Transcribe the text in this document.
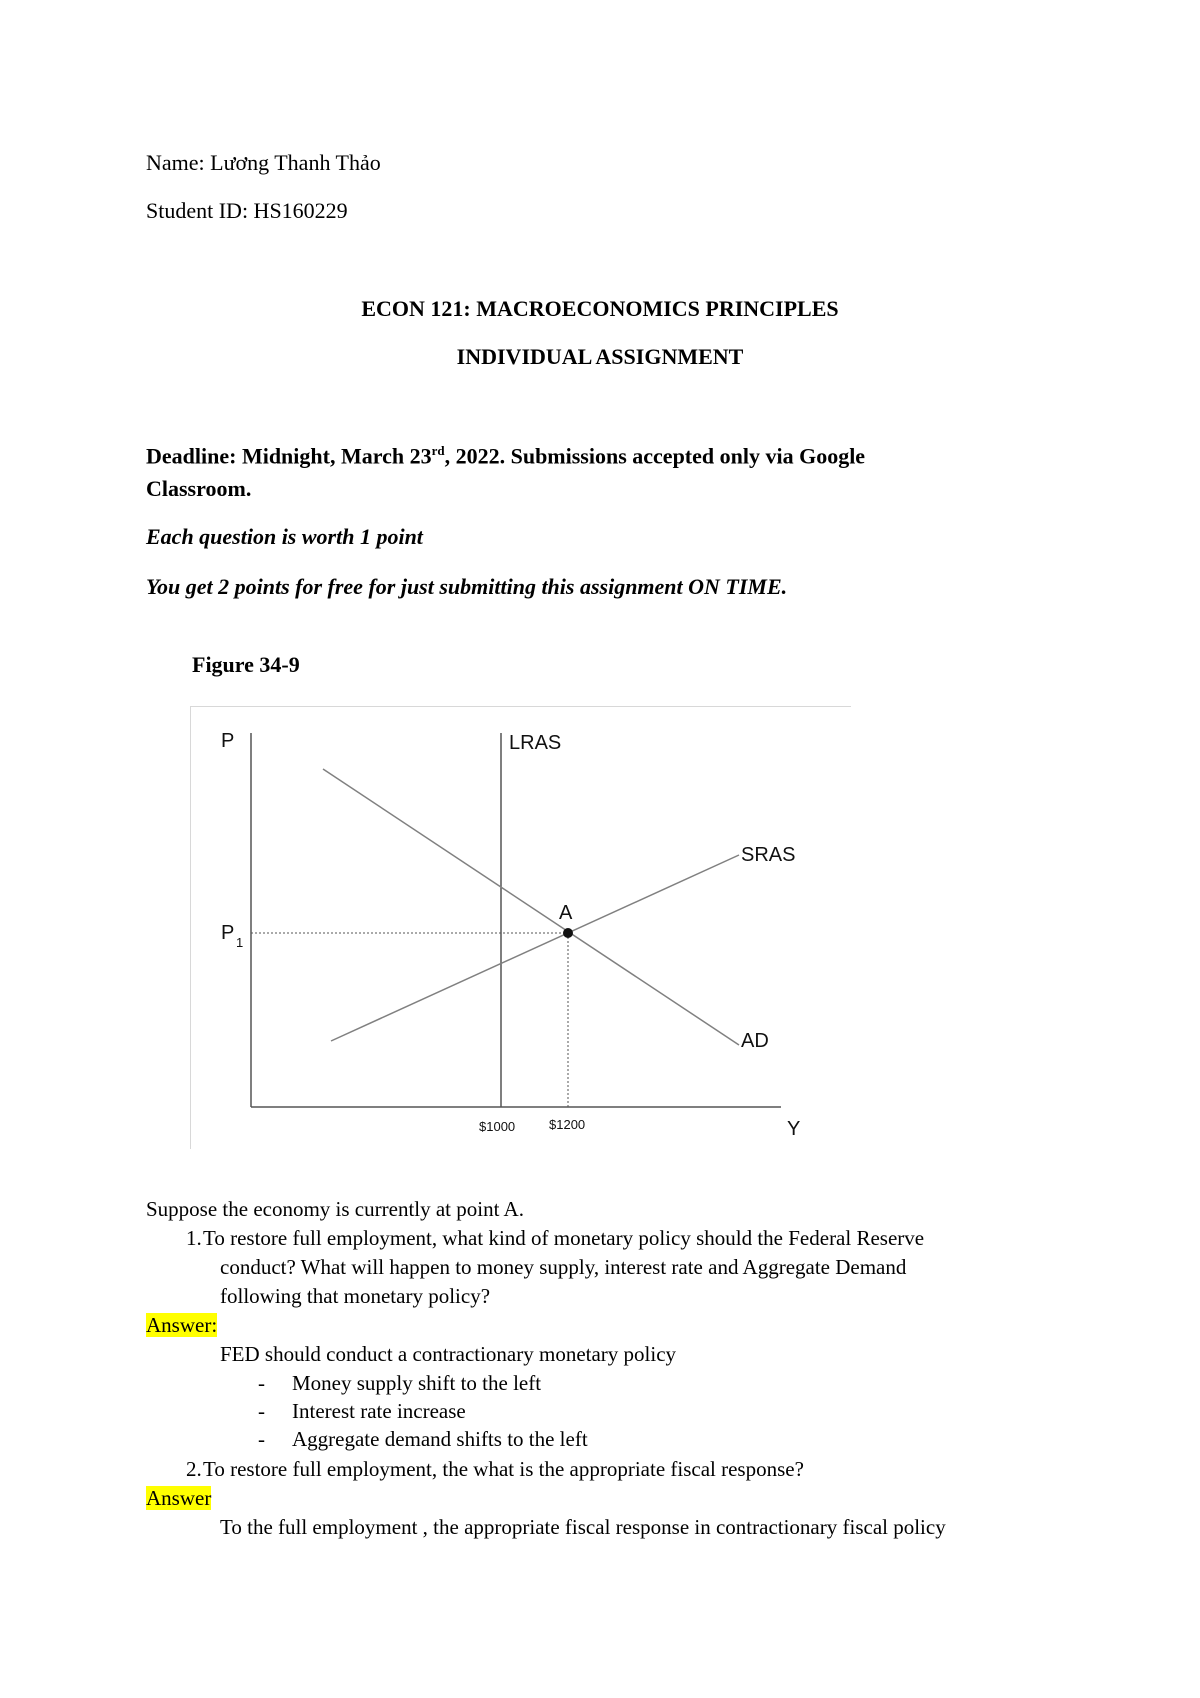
Name: Lương Thanh Thảo
Student ID: HS160229
ECON 121: MACROECONOMICS PRINCIPLES
INDIVIDUAL ASSIGNMENT
Deadline: Midnight, March 23rd, 2022. Submissions accepted only via Google
Classroom.
Each question is worth 1 point
You get 2 points for free for just submitting this assignment ON TIME.
Figure 34-9
P	LRAS
SRAS
A
P 1
AD
$1000	$1200	Y
Suppose the economy is currently at point A.
1. To restore full employment, what kind of monetary policy should the Federal Reserve
conduct? What will happen to money supply, interest rate and Aggregate Demand
following that monetary policy?
Answer:
FED should conduct a contractionary monetary policy
- Money supply shift to the left
- Interest rate increase
- Aggregate demand shifts to the left
2. To restore full employment, the what is the appropriate fiscal response?
Answer
To the full employment , the appropriate fiscal response in contractionary fiscal policy
